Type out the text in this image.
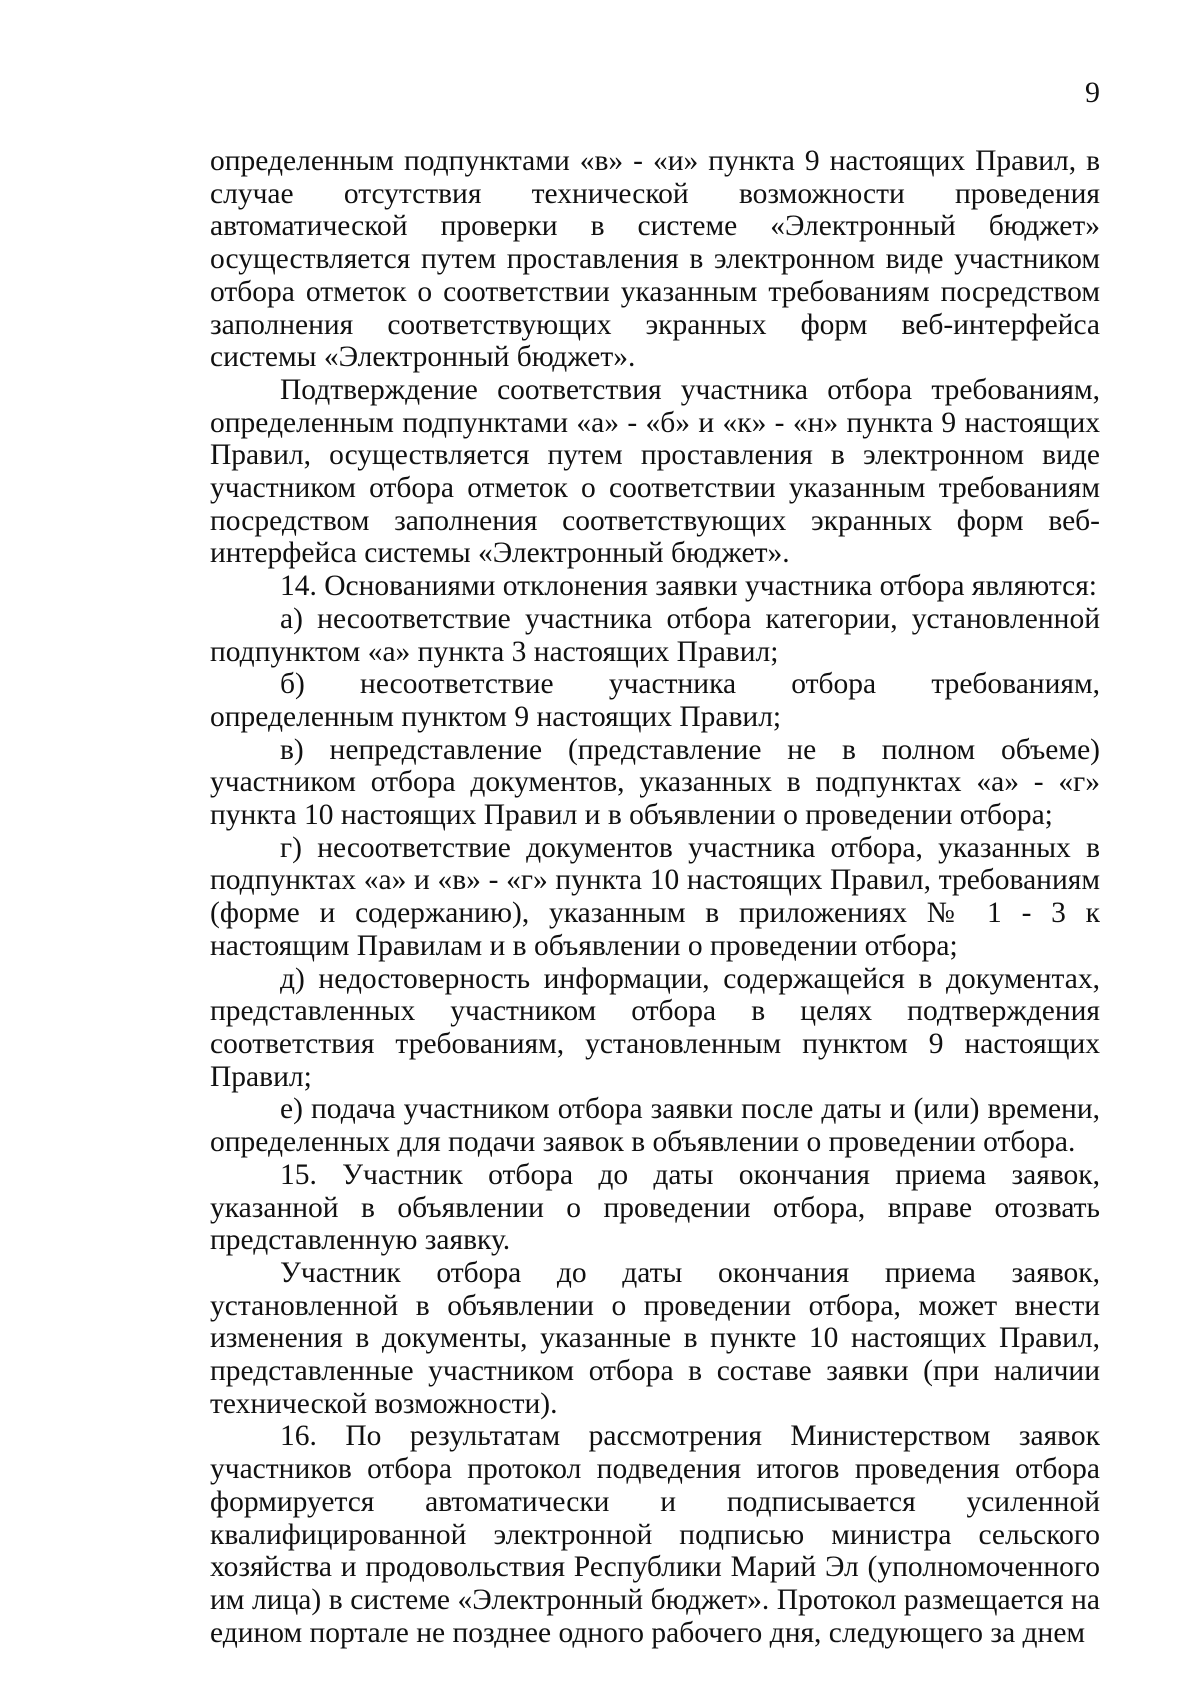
9

определенным подпунктами «в» - «и» пункта 9 настоящих Правил, в случае отсутствия технической возможности проведения автоматической проверки в системе «Электронный бюджет» осуществляется путем проставления в электронном виде участником отбора отметок о соответствии указанным требованиям посредством заполнения соответствующих экранных форм веб-интерфейса системы «Электронный бюджет».

Подтверждение соответствия участника отбора требованиям, определенным подпунктами «а» - «б» и «к» - «н» пункта 9 настоящих Правил, осуществляется путем проставления в электронном виде участником отбора отметок о соответствии указанным требованиям посредством заполнения соответствующих экранных форм веб-интерфейса системы «Электронный бюджет».

14. Основаниями отклонения заявки участника отбора являются:

а) несоответствие участника отбора категории, установленной подпунктом «а» пункта 3 настоящих Правил;

б) несоответствие участника отбора требованиям, определенным пунктом 9 настоящих Правил;

в) непредставление (представление не в полном объеме) участником отбора документов, указанных в подпунктах «а» - «г» пункта 10 настоящих Правил и в объявлении о проведении отбора;

г) несоответствие документов участника отбора, указанных в подпунктах «а» и «в» - «г» пункта 10 настоящих Правил, требованиям (форме и содержанию), указанным в приложениях № 1 - 3 к настоящим Правилам и в объявлении о проведении отбора;

д) недостоверность информации, содержащейся в документах, представленных участником отбора в целях подтверждения соответствия требованиям, установленным пунктом 9 настоящих Правил;

е) подача участником отбора заявки после даты и (или) времени, определенных для подачи заявок в объявлении о проведении отбора.

15. Участник отбора до даты окончания приема заявок, указанной в объявлении о проведении отбора, вправе отозвать представленную заявку.

Участник отбора до даты окончания приема заявок, установленной в объявлении о проведении отбора, может внести изменения в документы, указанные в пункте 10 настоящих Правил, представленные участником отбора в составе заявки (при наличии технической возможности).

16. По результатам рассмотрения Министерством заявок участников отбора протокол подведения итогов проведения отбора формируется автоматически и подписывается усиленной квалифицированной электронной подписью министра сельского хозяйства и продовольствия Республики Марий Эл (уполномоченного им лица) в системе «Электронный бюджет». Протокол размещается на едином портале не позднее одного рабочего дня, следующего за днем
